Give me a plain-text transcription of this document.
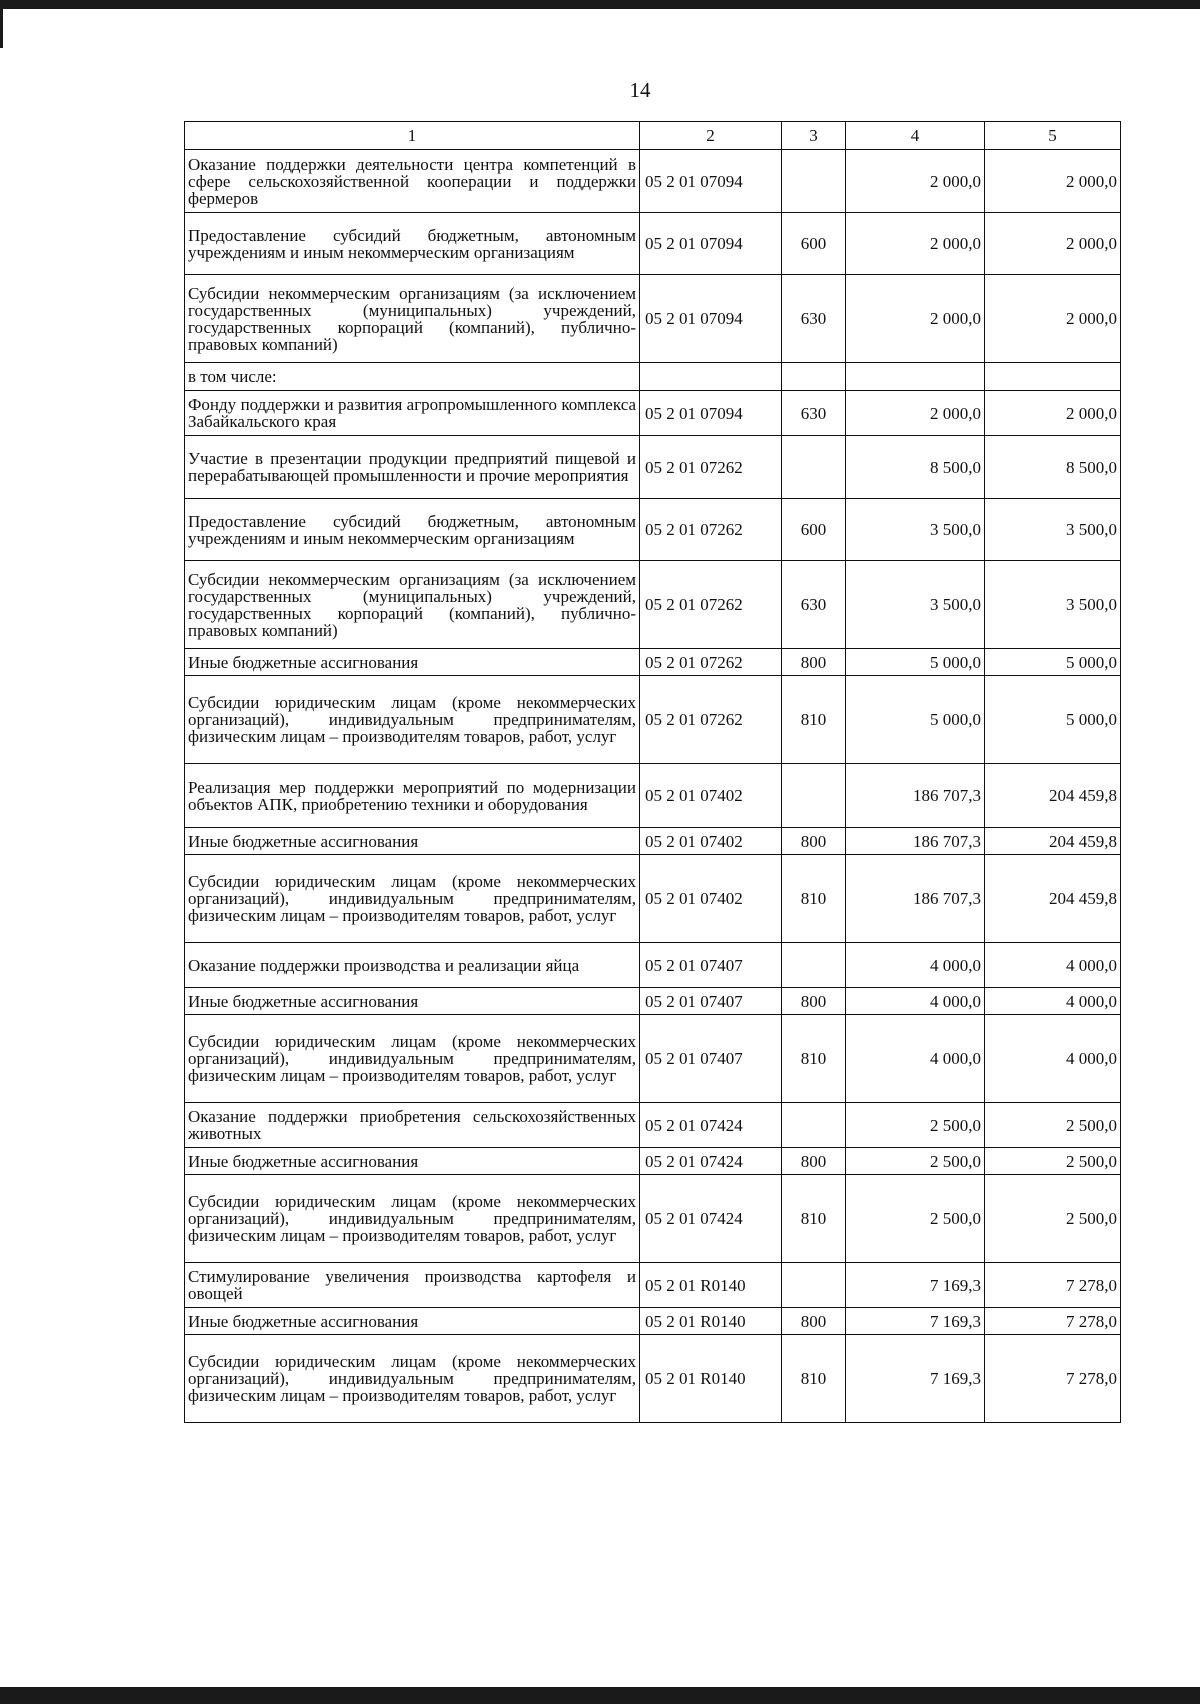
14
1	2	3	4	5
Оказание поддержки деятельности центра компетенций в сфере сельскохозяйственной кооперации и поддержки фермеров	05 2 01 07094		2 000,0	2 000,0
Предоставление субсидий бюджетным, автономным учреждениям и иным некоммерческим организациям	05 2 01 07094	600	2 000,0	2 000,0
Субсидии некоммерческим организациям (за исключением государственных (муниципальных) учреждений, государственных корпораций (компаний), публично-правовых компаний)	05 2 01 07094	630	2 000,0	2 000,0
в том числе:				
Фонду поддержки и развития агропромышленного комплекса Забайкальского края	05 2 01 07094	630	2 000,0	2 000,0
Участие в презентации продукции предприятий пищевой и перерабатывающей промышленности и прочие мероприятия	05 2 01 07262		8 500,0	8 500,0
Предоставление субсидий бюджетным, автономным учреждениям и иным некоммерческим организациям	05 2 01 07262	600	3 500,0	3 500,0
Субсидии некоммерческим организациям (за исключением государственных (муниципальных) учреждений, государственных корпораций (компаний), публично-правовых компаний)	05 2 01 07262	630	3 500,0	3 500,0
Иные бюджетные ассигнования	05 2 01 07262	800	5 000,0	5 000,0
Субсидии юридическим лицам (кроме некоммерческих организаций), индивидуальным предпринимателям, физическим лицам – производителям товаров, работ, услуг	05 2 01 07262	810	5 000,0	5 000,0
Реализация мер поддержки мероприятий по модернизации объектов АПК, приобретению техники и оборудования	05 2 01 07402		186 707,3	204 459,8
Иные бюджетные ассигнования	05 2 01 07402	800	186 707,3	204 459,8
Субсидии юридическим лицам (кроме некоммерческих организаций), индивидуальным предпринимателям, физическим лицам – производителям товаров, работ, услуг	05 2 01 07402	810	186 707,3	204 459,8
Оказание поддержки производства и реализации яйца	05 2 01 07407		4 000,0	4 000,0
Иные бюджетные ассигнования	05 2 01 07407	800	4 000,0	4 000,0
Субсидии юридическим лицам (кроме некоммерческих организаций), индивидуальным предпринимателям, физическим лицам – производителям товаров, работ, услуг	05 2 01 07407	810	4 000,0	4 000,0
Оказание поддержки приобретения сельскохозяйственных животных	05 2 01 07424		2 500,0	2 500,0
Иные бюджетные ассигнования	05 2 01 07424	800	2 500,0	2 500,0
Субсидии юридическим лицам (кроме некоммерческих организаций), индивидуальным предпринимателям, физическим лицам – производителям товаров, работ, услуг	05 2 01 07424	810	2 500,0	2 500,0
Стимулирование увеличения производства картофеля и овощей	05 2 01 R0140		7 169,3	7 278,0
Иные бюджетные ассигнования	05 2 01 R0140	800	7 169,3	7 278,0
Субсидии юридическим лицам (кроме некоммерческих организаций), индивидуальным предпринимателям, физическим лицам – производителям товаров, работ, услуг	05 2 01 R0140	810	7 169,3	7 278,0
